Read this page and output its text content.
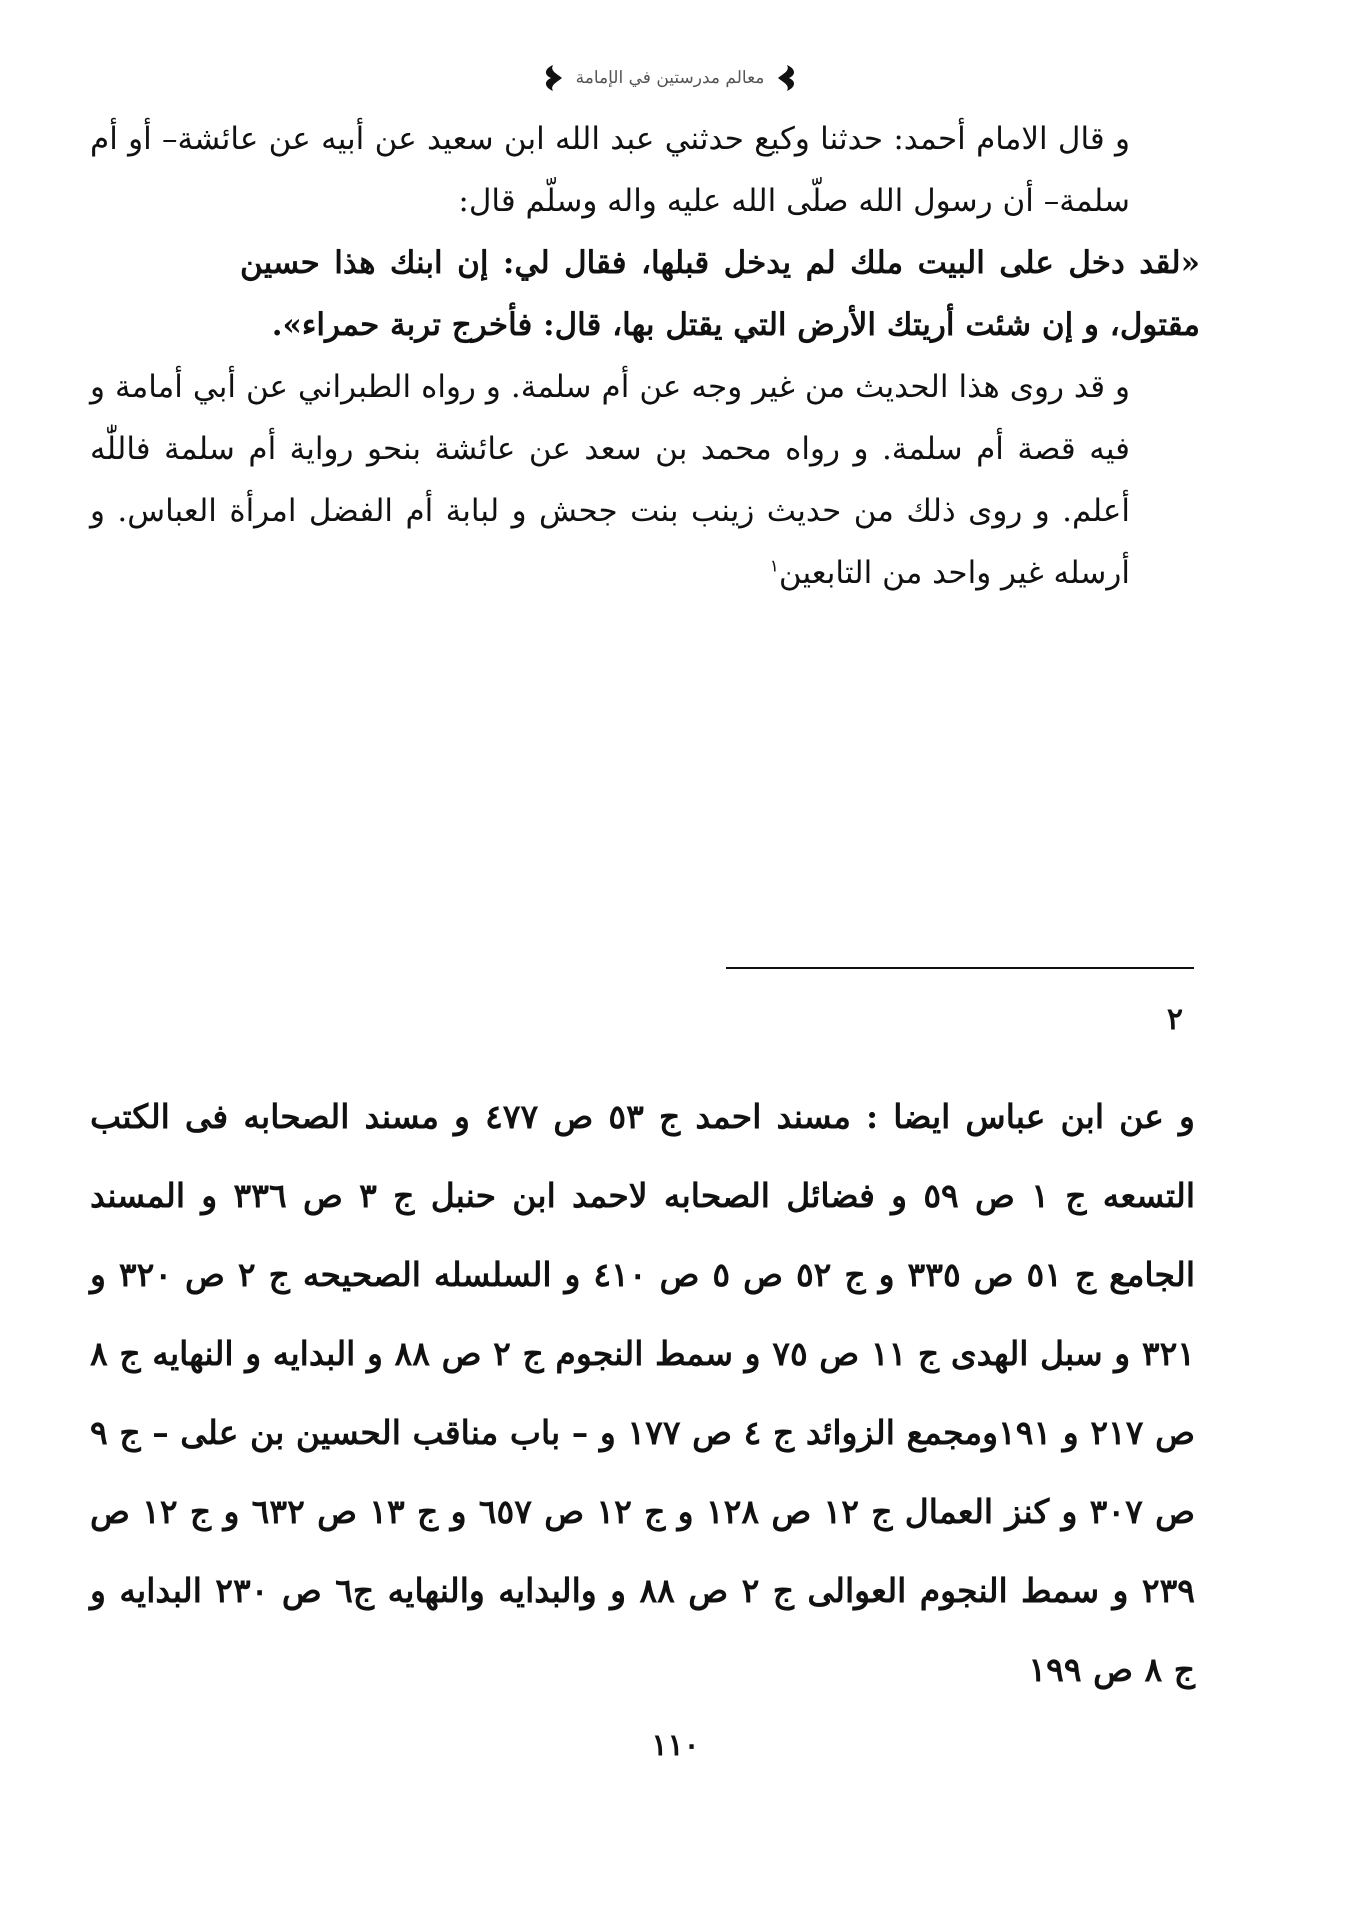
معالم مدرستين في الإمامة

و قال الامام أحمد: حدثنا وكيع حدثني عبد الله ابن سعيد عن أبيه عن عائشة– أو أم سلمة– أن رسول الله صلّى الله عليه واله وسلّم قال:

«لقد دخل على البيت ملك لم يدخل قبلها، فقال لي: إن ابنك هذا حسين مقتول، و إن شئت أريتك الأرض التي يقتل بها، قال: فأخرج تربة حمراء».

و قد روى هذا الحديث من غير وجه عن أم سلمة. و رواه الطبراني عن أبي أمامة و فيه قصة أم سلمة. و رواه محمد بن سعد عن عائشة بنحو رواية أم سلمة فاللّٰه أعلم. و روى ذلك من حديث زينب بنت جحش و لبابة أم الفضل امرأة العباس. و أرسله غير واحد من التابعين$^١$

٢
و عن ابن عباس ايضا : مسند احمد ج ٥٣ ص ٤٧٧ و مسند الصحابه فى الكتب التسعه ج ١ ص ٥٩ و فضائل الصحابه لاحمد ابن حنبل ج ٣ ص ٣٣٦ و المسند الجامع ج ٥١ ص ٣٣٥ و ج ٥٢ ص ٥ ص ٤١٠ و السلسله الصحيحه ج ٢ ص ٣٢٠ و ٣٢١ و سبل الهدى ج ١١ ص ٧٥ و سمط النجوم ج ٢ ص ٨٨ و البدايه و النهايه ج ٨ ص ٢١٧ و ١٩١ومجمع الزوائد ج ٤ ص ١٧٧ و – باب مناقب الحسين بن على – ج ٩ ص ٣٠٧ و كنز العمال ج ١٢ ص ١٢٨ و ج ١٢ ص ٦٥٧ و ج ١٣ ص ٦٣٢ و ج ١٢ ص ٢٣٩ و سمط النجوم العوالى ج ٢ ص ٨٨ و والبدايه والنهايه ج٦ ص ٢٣٠ البدايه و ج ٨ ص ١٩٩
١١٠
